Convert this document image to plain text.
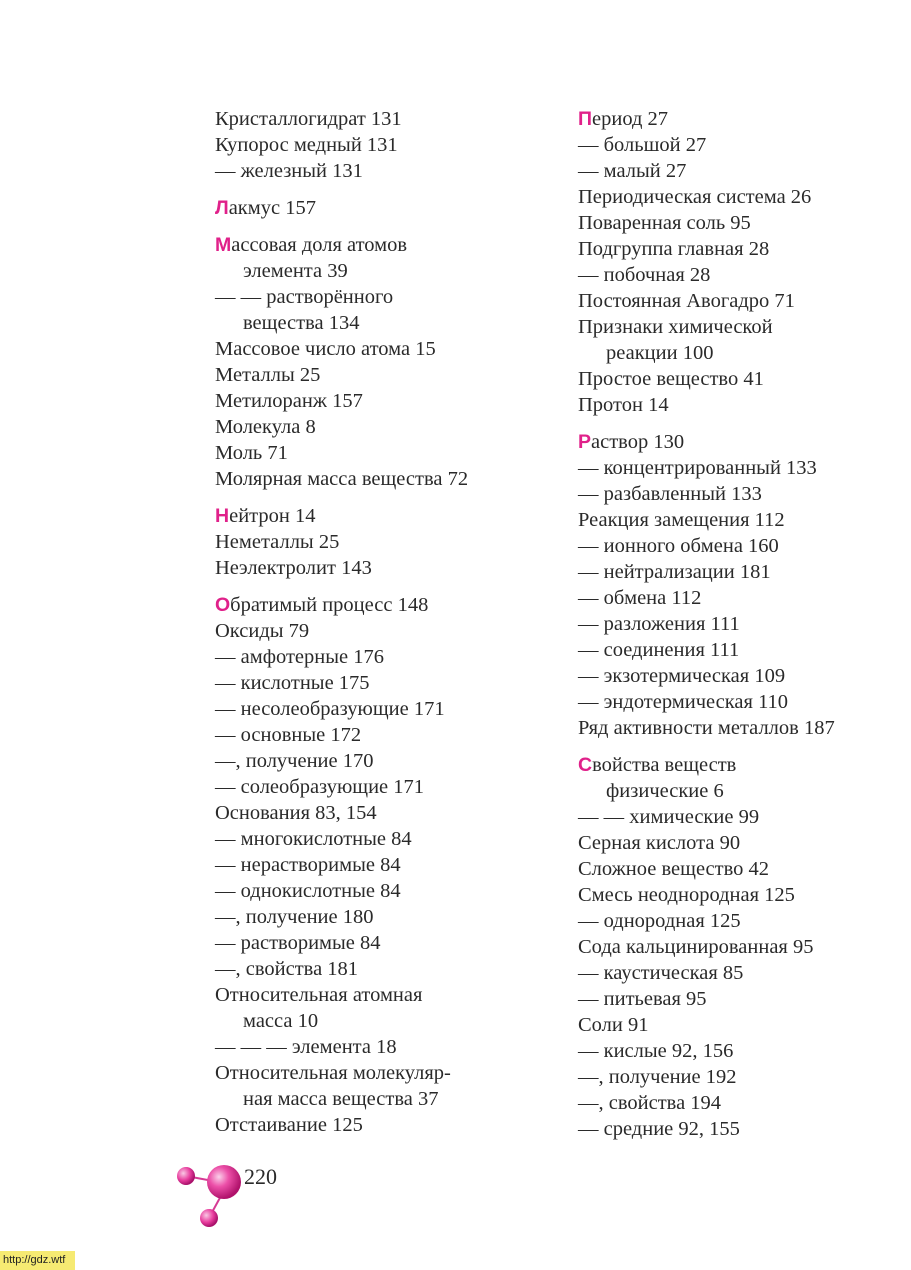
Кристаллогидрат 131
Купорос медный 131
— железный 131
Лакмус 157
Массовая доля атомов
элемента 39
— — растворённого
вещества 134
Массовое число атома 15
Металлы 25
Метилоранж 157
Молекула 8
Моль 71
Молярная масса вещества 72
Нейтрон 14
Неметаллы 25
Неэлектролит 143
Обратимый процесс 148
Оксиды 79
— амфотерные 176
— кислотные 175
— несолеобразующие 171
— основные 172
—, получение 170
— солеобразующие 171
Основания 83, 154
— многокислотные 84
— нерастворимые 84
— однокислотные 84
—, получение 180
— растворимые 84
—, свойства 181
Относительная атомная
масса 10
— — — элемента 18
Относительная молекуляр-
ная масса вещества 37
Отстаивание 125
Период 27
— большой 27
— малый 27
Периодическая система 26
Поваренная соль 95
Подгруппа главная 28
— побочная 28
Постоянная Авогадро 71
Признаки химической
реакции 100
Простое вещество 41
Протон 14
Раствор 130
— концентрированный 133
— разбавленный 133
Реакция замещения 112
— ионного обмена 160
— нейтрализации 181
— обмена 112
— разложения 111
— соединения 111
— экзотермическая 109
— эндотермическая 110
Ряд активности металлов 187
Свойства веществ
физические 6
— — химические 99
Серная кислота 90
Сложное вещество 42
Смесь неоднородная 125
— однородная 125
Сода кальцинированная 95
— каустическая 85
— питьевая 95
Соли 91
— кислые 92, 156
—, получение 192
—, свойства 194
— средние 92, 155
220
http://gdz.wtf
